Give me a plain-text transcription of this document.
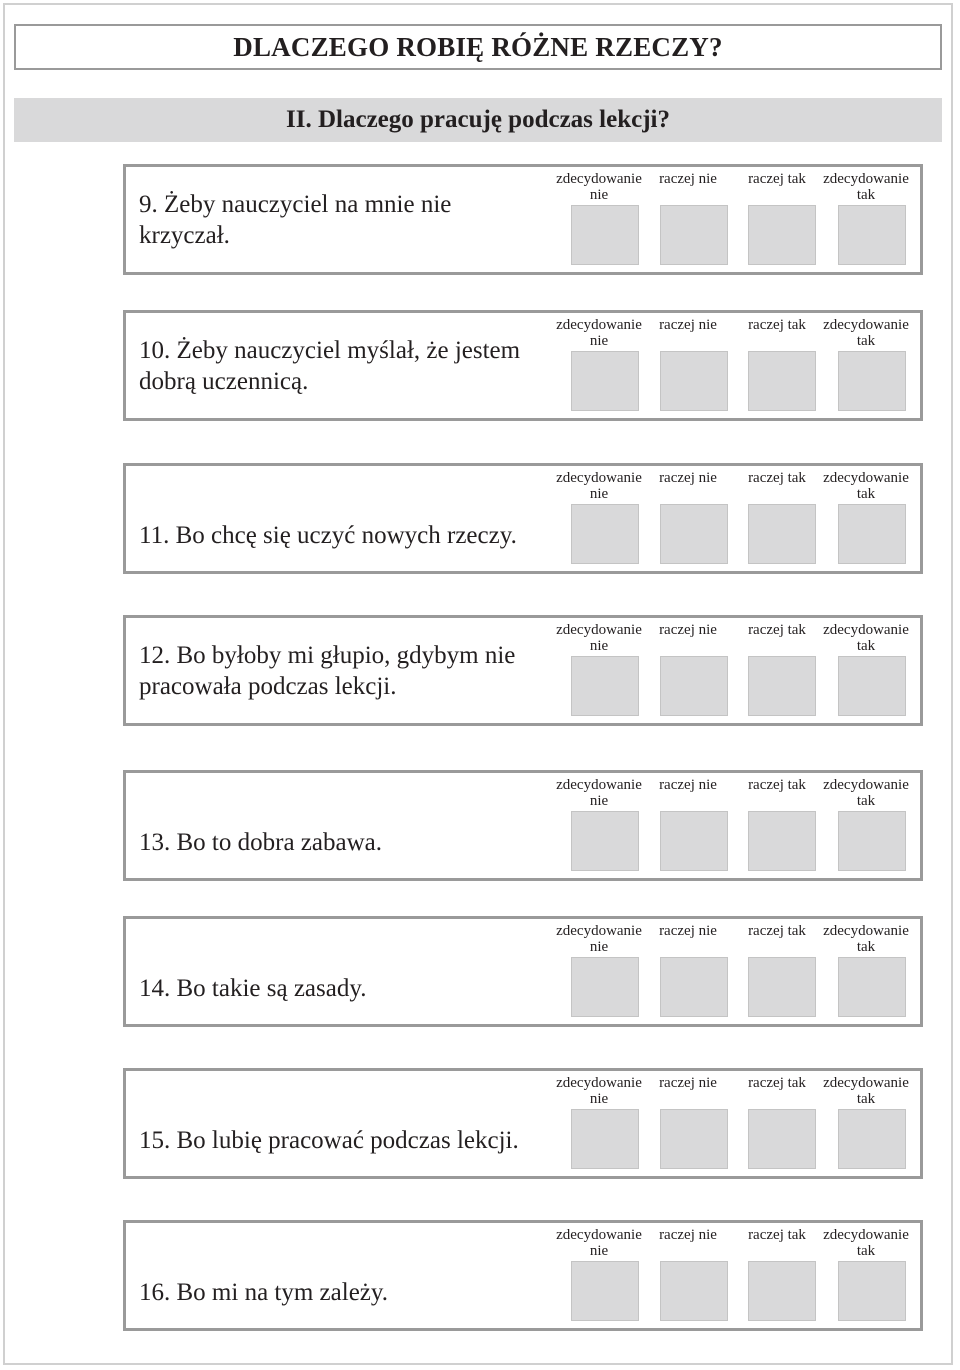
DLACZEGO ROBIĘ RÓŻNE RZECZY?
II. Dlaczego pracuję podczas lekcji?
9. Żeby nauczyciel na mnie nie krzyczał.
zdecydowanie
nie
raczej nie	raczej tak	zdecydowanie
tak
10. Żeby nauczyciel myślał, że jestem dobrą uczennicą.
zdecydowanie
nie
raczej nie	raczej tak	zdecydowanie
tak
11. Bo chcę się uczyć nowych rzeczy.
zdecydowanie
nie
raczej nie	raczej tak	zdecydowanie
tak
12. Bo byłoby mi głupio, gdybym nie pracowała podczas lekcji.
zdecydowanie
nie
raczej nie	raczej tak	zdecydowanie
tak
13. Bo to dobra zabawa.
zdecydowanie
nie
raczej nie	raczej tak	zdecydowanie
tak
14. Bo takie są zasady.
zdecydowanie
nie
raczej nie	raczej tak	zdecydowanie
tak
15. Bo lubię pracować podczas lekcji.
zdecydowanie
nie
raczej nie	raczej tak	zdecydowanie
tak
16. Bo mi na tym zależy.
zdecydowanie
nie
raczej nie	raczej tak	zdecydowanie
tak
